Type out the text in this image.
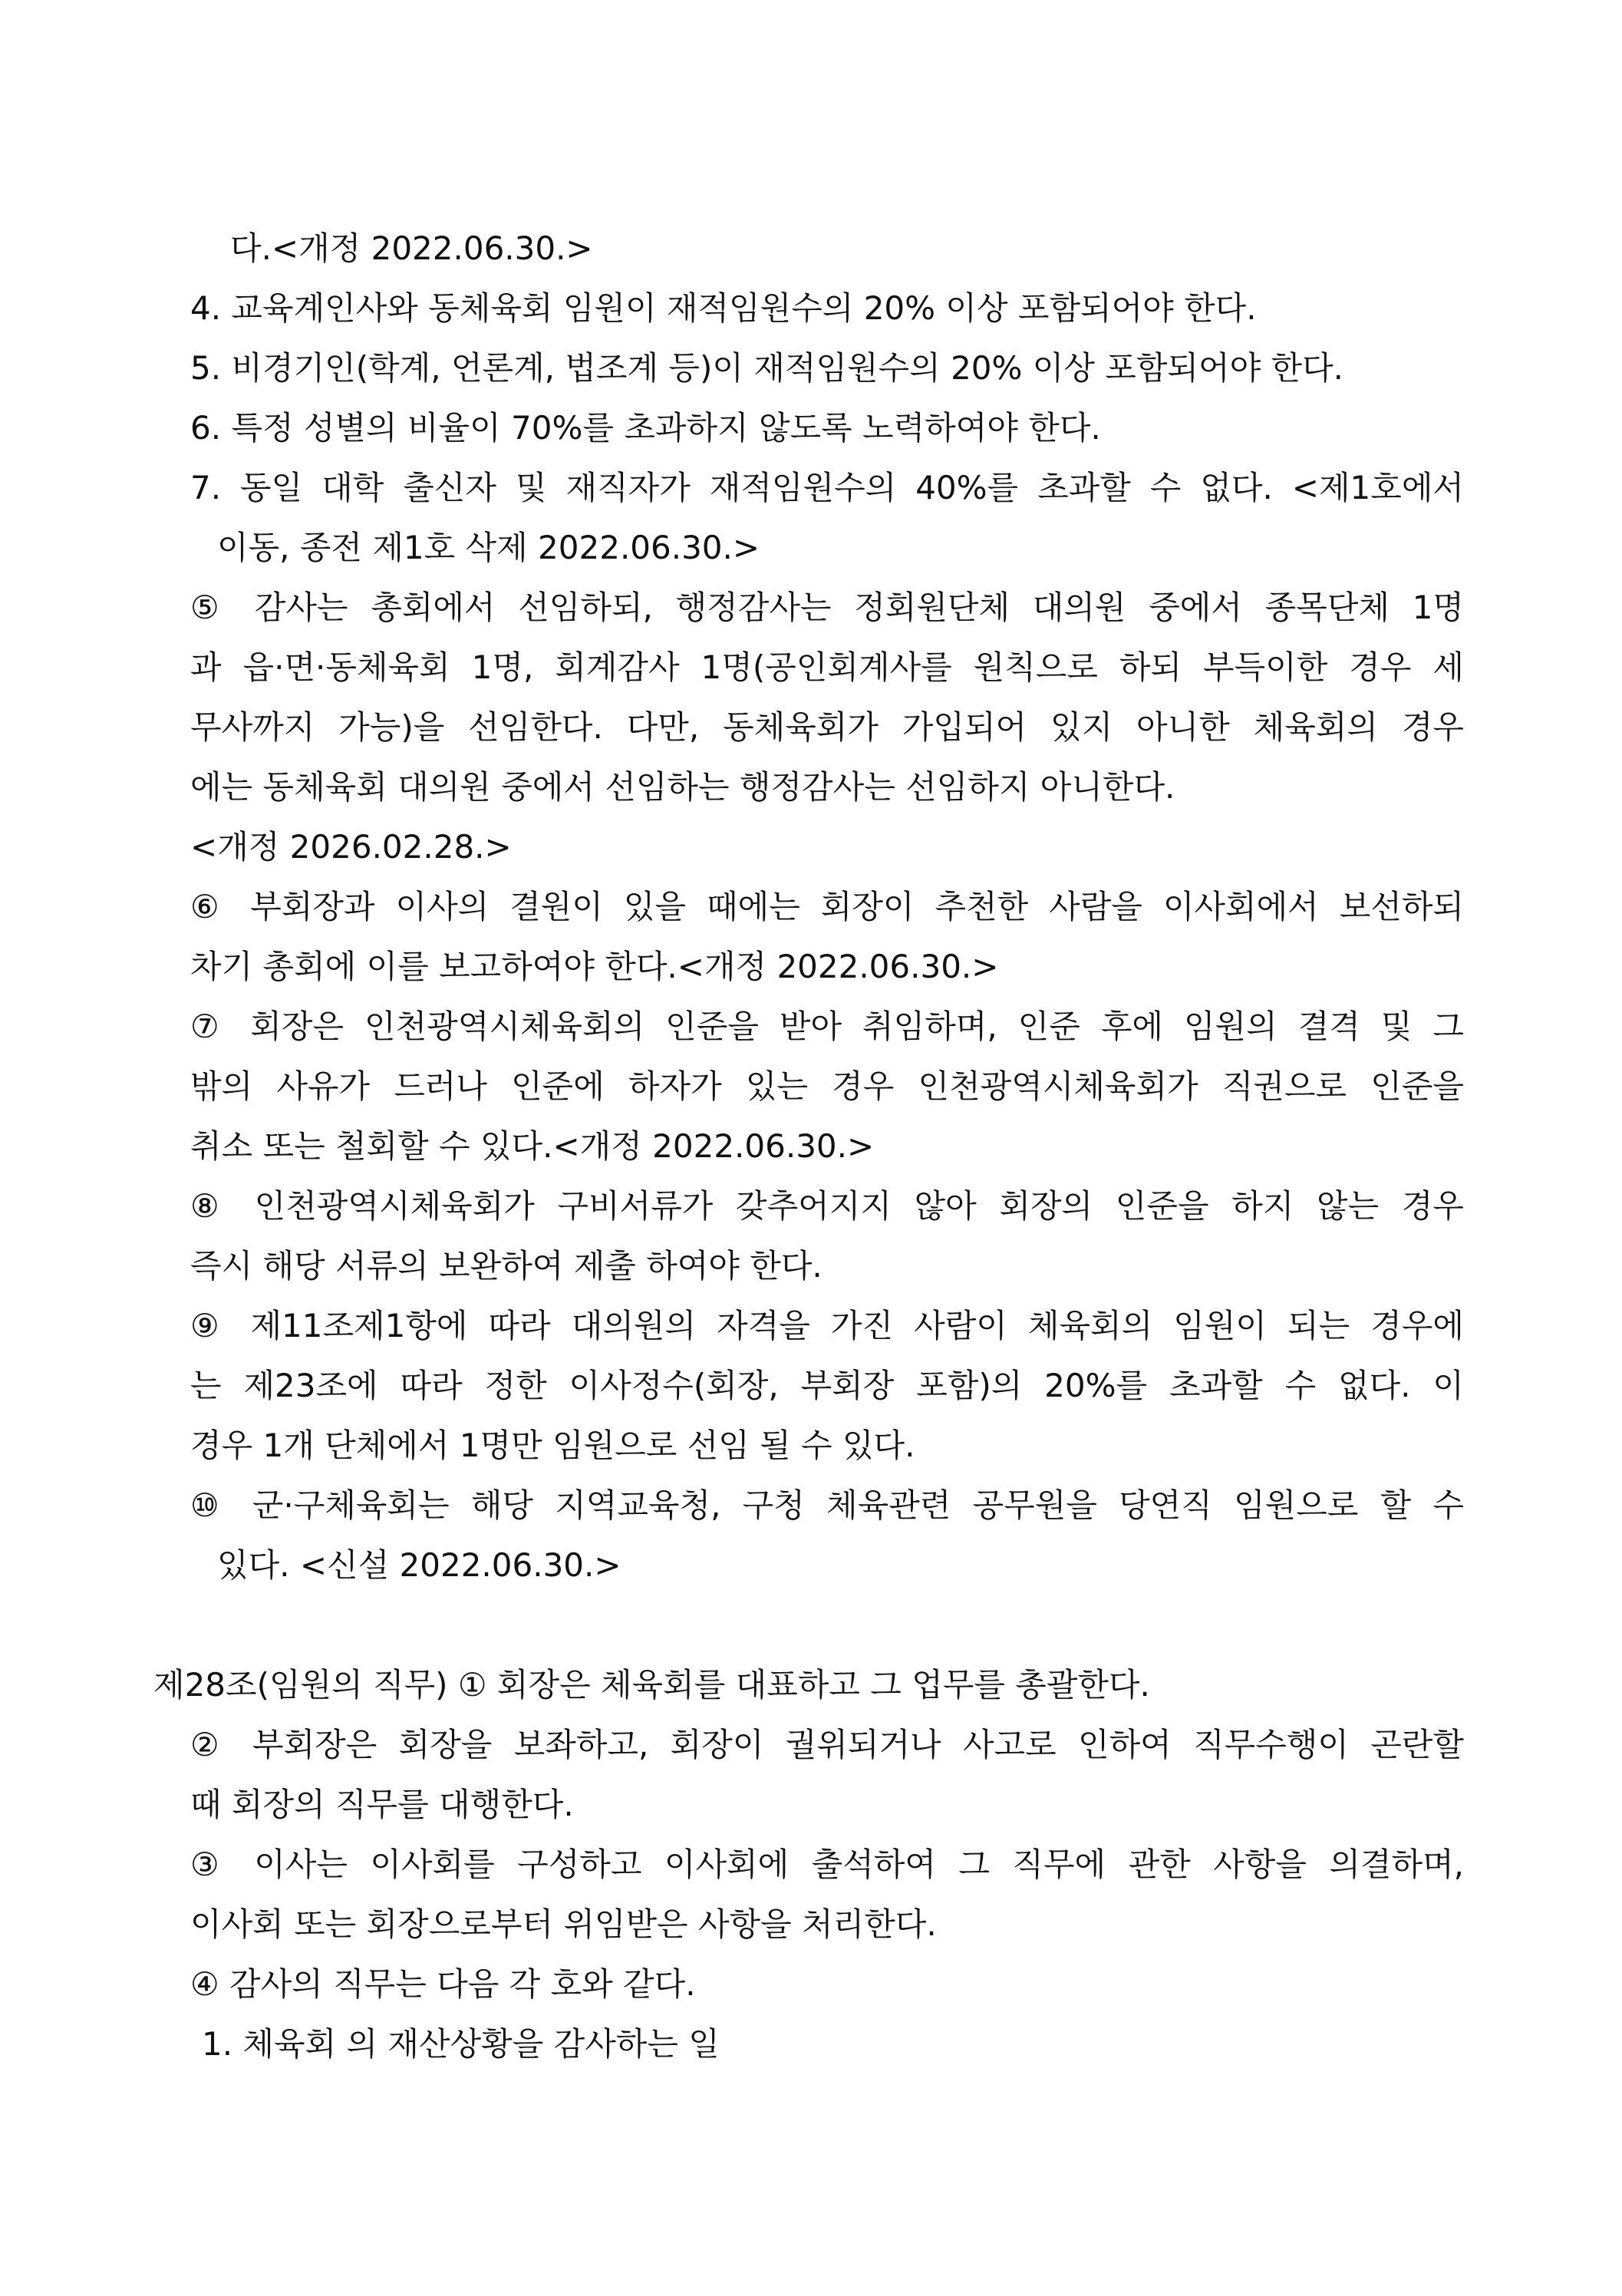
다.<개정 2022.06.30.>
4. 교육계인사와 동체육회 임원이 재적임원수의 20% 이상 포함되어야 한다.
5. 비경기인(학계, 언론계, 법조계 등)이 재적임원수의 20% 이상 포함되어야 한다.
6. 특정 성별의 비율이 70%를 초과하지 않도록 노력하여야 한다.
7. 동일 대학 출신자 및 재직자가 재적임원수의 40%를 초과할 수 없다. <제1호에서
이동, 종전 제1호 삭제 2022.06.30.>
⑤ 감사는 총회에서 선임하되, 행정감사는 정회원단체 대의원 중에서 종목단체 1명
과 읍·면·동체육회 1명, 회계감사 1명(공인회계사를 원칙으로 하되 부득이한 경우 세
무사까지 가능)을 선임한다. 다만, 동체육회가 가입되어 있지 아니한 체육회의 경우
에는 동체육회 대의원 중에서 선임하는 행정감사는 선임하지 아니한다.
<개정 2026.02.28.>
⑥ 부회장과 이사의 결원이 있을 때에는 회장이 추천한 사람을 이사회에서 보선하되
차기 총회에 이를 보고하여야 한다.<개정 2022.06.30.>
⑦ 회장은 인천광역시체육회의 인준을 받아 취임하며, 인준 후에 임원의 결격 및 그
밖의 사유가 드러나 인준에 하자가 있는 경우 인천광역시체육회가 직권으로 인준을
취소 또는 철회할 수 있다.<개정 2022.06.30.>
⑧ 인천광역시체육회가 구비서류가 갖추어지지 않아 회장의 인준을 하지 않는 경우
즉시 해당 서류의 보완하여 제출 하여야 한다.
⑨ 제11조제1항에 따라 대의원의 자격을 가진 사람이 체육회의 임원이 되는 경우에
는 제23조에 따라 정한 이사정수(회장, 부회장 포함)의 20%를 초과할 수 없다. 이
경우 1개 단체에서 1명만 임원으로 선임 될 수 있다.
⑩ 군·구체육회는 해당 지역교육청, 구청 체육관련 공무원을 당연직 임원으로 할 수
있다. <신설 2022.06.30.>
제28조(임원의 직무) ① 회장은 체육회를 대표하고 그 업무를 총괄한다.
② 부회장은 회장을 보좌하고, 회장이 궐위되거나 사고로 인하여 직무수행이 곤란할
때 회장의 직무를 대행한다.
③ 이사는 이사회를 구성하고 이사회에 출석하여 그 직무에 관한 사항을 의결하며,
이사회 또는 회장으로부터 위임받은 사항을 처리한다.
④ 감사의 직무는 다음 각 호와 같다.
1. 체육회 의 재산상황을 감사하는 일
